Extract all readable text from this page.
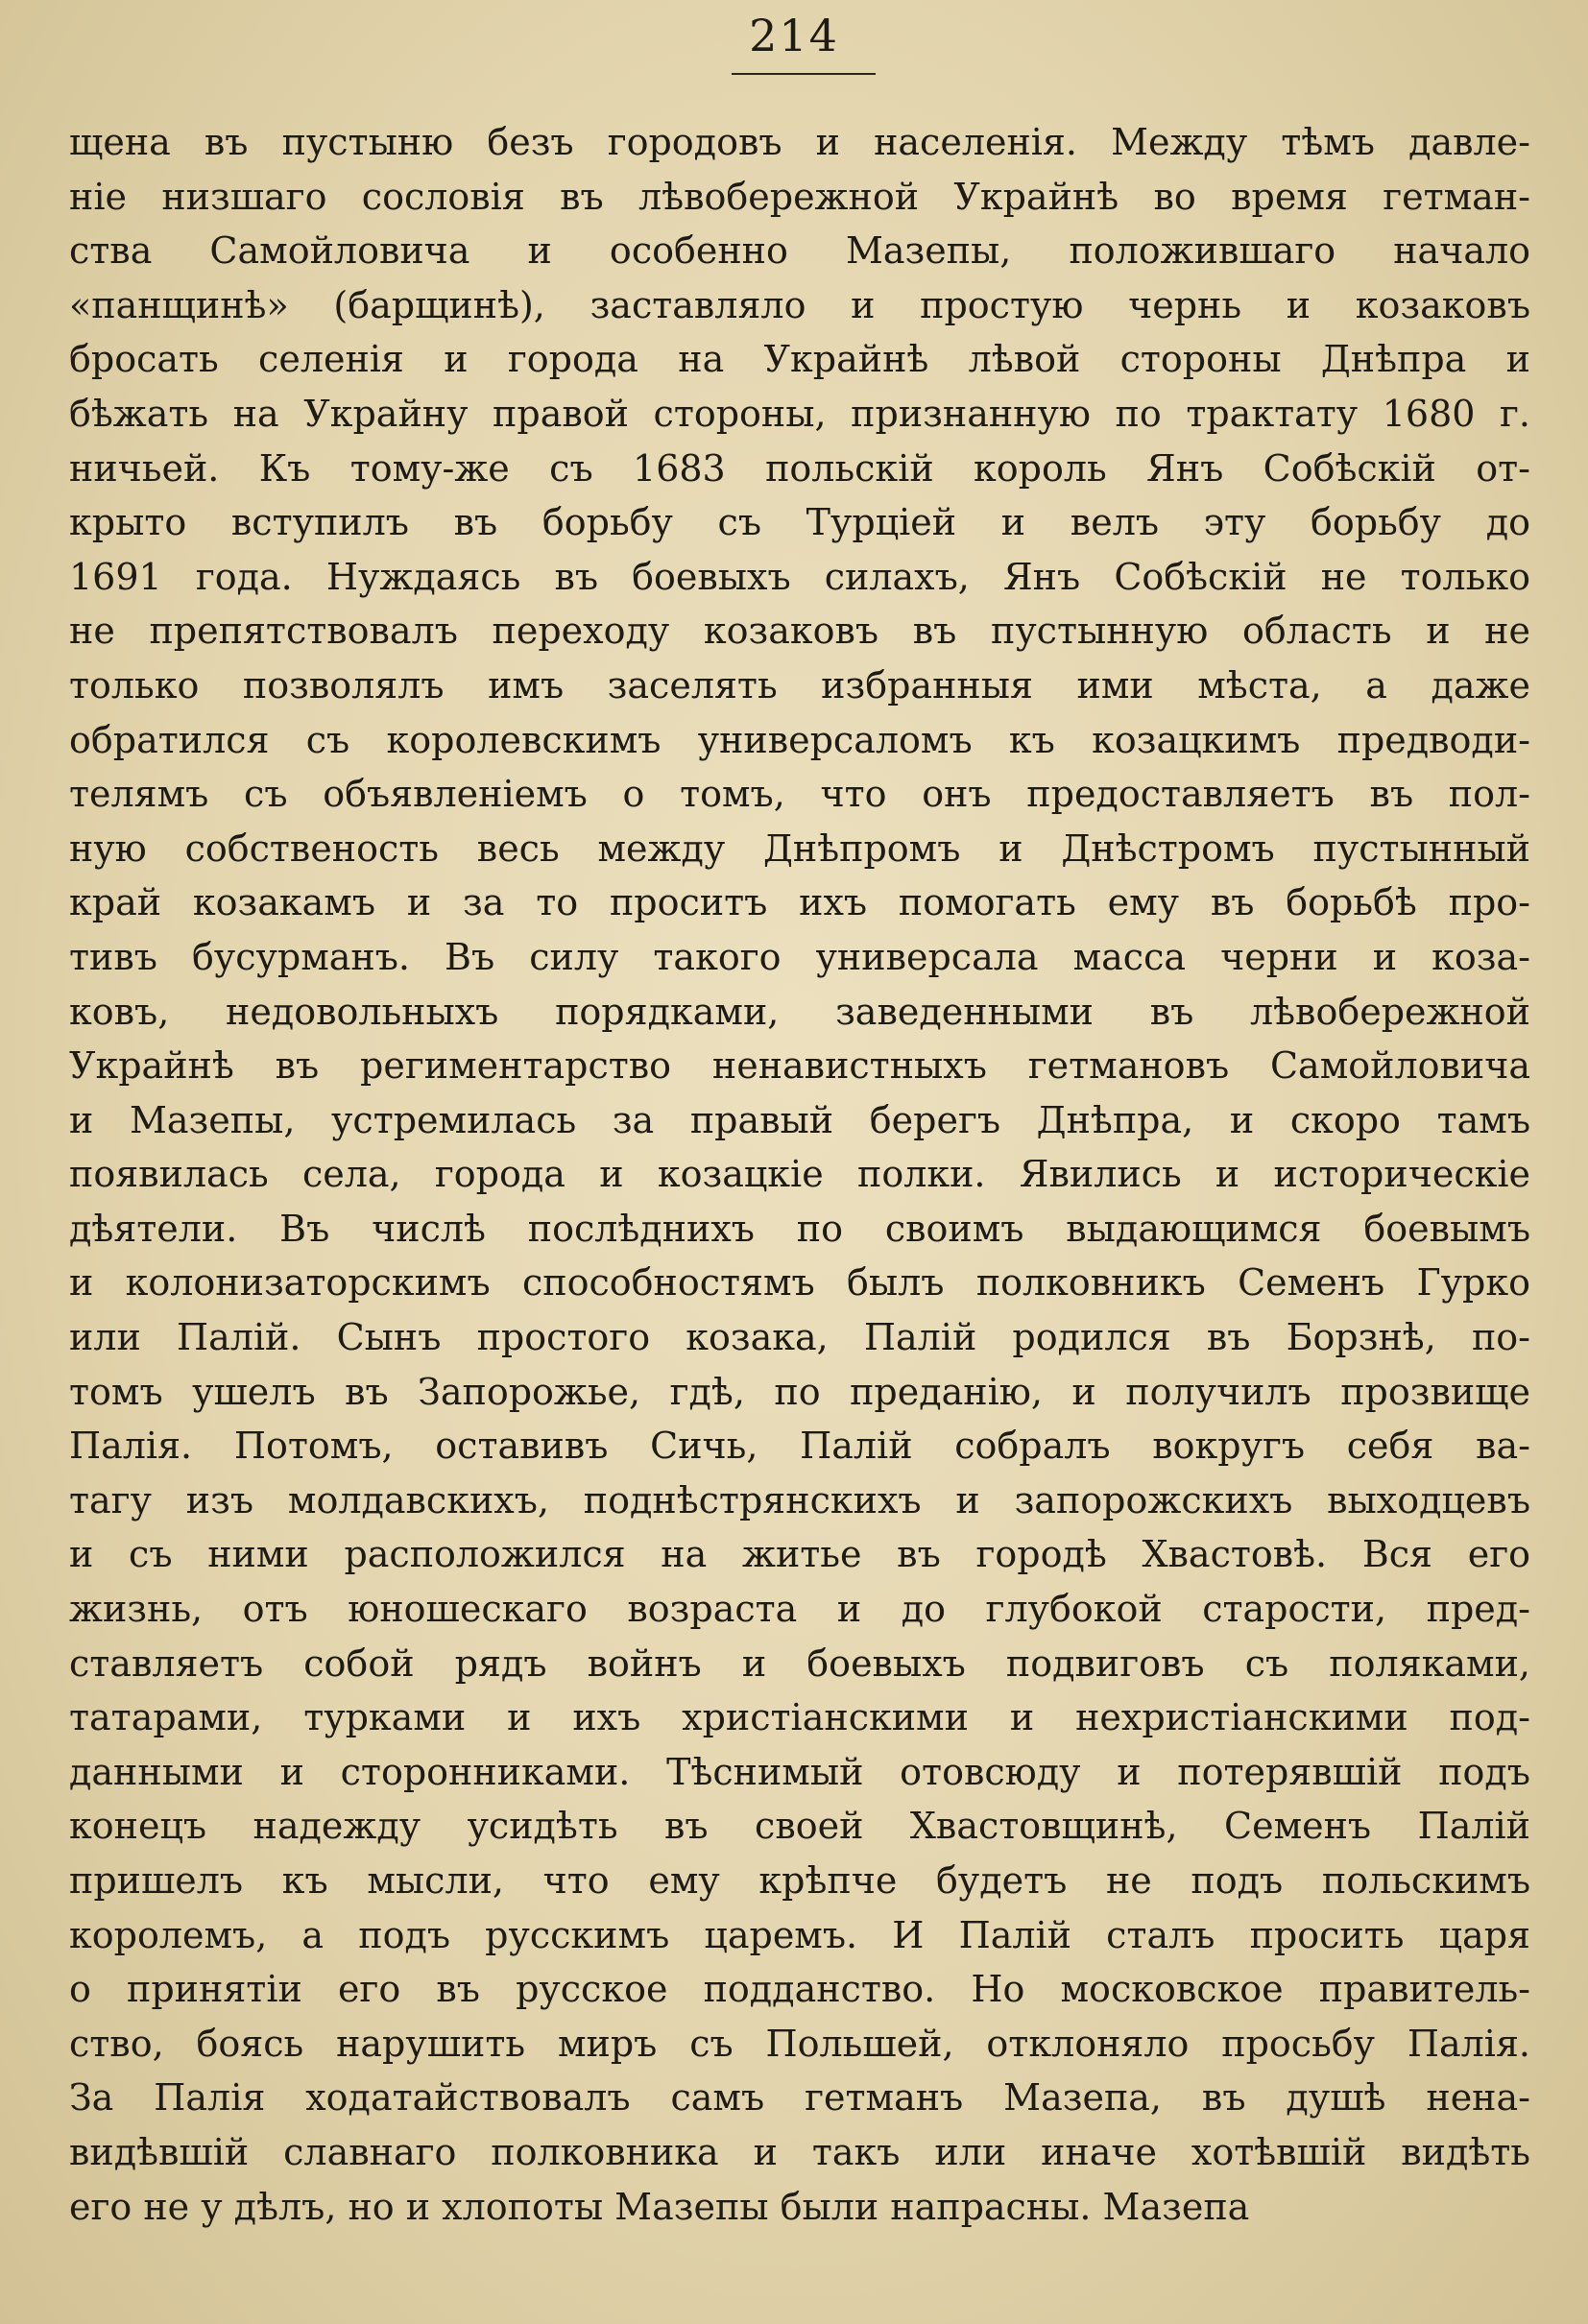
214
щена въ пустыню безъ городовъ и населенія. Между тѣмъ давле-
ніе низшаго сословія въ лѣвобережной Украйнѣ во время гетман-
ства Самойловича и особенно Мазепы, положившаго начало
«панщинѣ» (барщинѣ), заставляло и простую чернь и козаковъ
бросать селенія и города на Украйнѣ лѣвой стороны Днѣпра и
бѣжать на Украйну правой стороны, признанную по трактату 1680 г.
ничьей. Къ тому-же съ 1683 польскій король Янъ Собѣскій от-
крыто вступилъ въ борьбу съ Турціей и велъ эту борьбу до
1691 года. Нуждаясь въ боевыхъ силахъ, Янъ Собѣскій не только
не препятствовалъ переходу козаковъ въ пустынную область и не
только позволялъ имъ заселять избранныя ими мѣста, а даже
обратился съ королевскимъ универсаломъ къ козацкимъ предводи-
телямъ съ объявленіемъ о томъ, что онъ предоставляетъ въ пол-
ную собственость весь между Днѣпромъ и Днѣстромъ пустынный
край козакамъ и за то проситъ ихъ помогать ему въ борьбѣ про-
тивъ бусурманъ. Въ силу такого универсала масса черни и коза-
ковъ, недовольныхъ порядками, заведенными въ лѣвобережной
Украйнѣ въ региментарство ненавистныхъ гетмановъ Самойловича
и Мазепы, устремилась за правый берегъ Днѣпра, и скоро тамъ
появилась села, города и козацкіе полки. Явились и историческіе
дѣятели. Въ числѣ послѣднихъ по своимъ выдающимся боевымъ
и колонизаторскимъ способностямъ былъ полковникъ Семенъ Гурко
или Палій. Сынъ простого козака, Палій родился въ Борзнѣ, по-
томъ ушелъ въ Запорожье, гдѣ, по преданію, и получилъ прозвище
Палія. Потомъ, оставивъ Сичь, Палій собралъ вокругъ себя ва-
тагу изъ молдавскихъ, поднѣстрянскихъ и запорожскихъ выходцевъ
и съ ними расположился на житье въ городѣ Хвастовѣ. Вся его
жизнь, отъ юношескаго возраста и до глубокой старости, пред-
ставляетъ собой рядъ войнъ и боевыхъ подвиговъ съ поляками,
татарами, турками и ихъ христіанскими и нехристіанскими под-
данными и сторонниками. Тѣснимый отовсюду и потерявшій подъ
конецъ надежду усидѣть въ своей Хвастовщинѣ, Семенъ Палій
пришелъ къ мысли, что ему крѣпче будетъ не подъ польскимъ
королемъ, а подъ русскимъ царемъ. И Палій сталъ просить царя
о принятіи его въ русское подданство. Но московское правитель-
ство, боясь нарушить миръ съ Польшей, отклоняло просьбу Палія.
За Палія ходатайствовалъ самъ гетманъ Мазепа, въ душѣ нена-
видѣвшій славнаго полковника и такъ или иначе хотѣвшій видѣть
его не у дѣлъ, но и хлопоты Мазепы были напрасны. Мазепа
